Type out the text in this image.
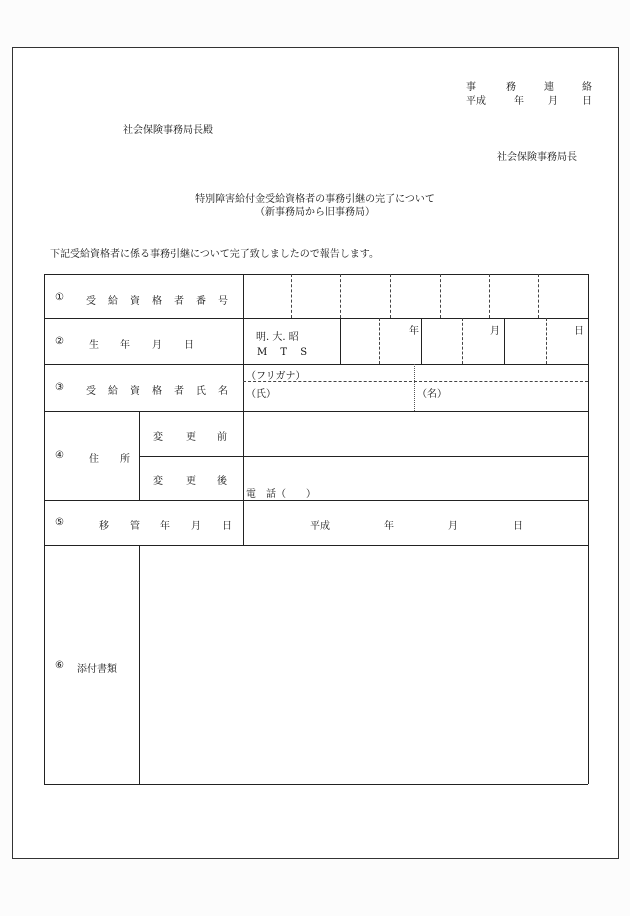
事	務	連	絡
平成	年 月 日
社会保険事務局長殿
社会保険事務局長
特別障害給付金受給資格者の事務引継の完了について
（新事務局から旧事務局）
下記受給資格者に係る事務引継について完了致しましたので報告します。
① 受 給 資 格 者 番 号
②	生 年 月 日
明. 大. 昭
M　 T　 S
年	月	日
③ 受 給 資 格 者 氏 名
（フリガナ）
（氏）	（名）
④	住 所
変 更 前
変 更 後
電　話（　　）
⑤	移 管 年 月 日	平成	年	月	日
⑥ 添付書類
